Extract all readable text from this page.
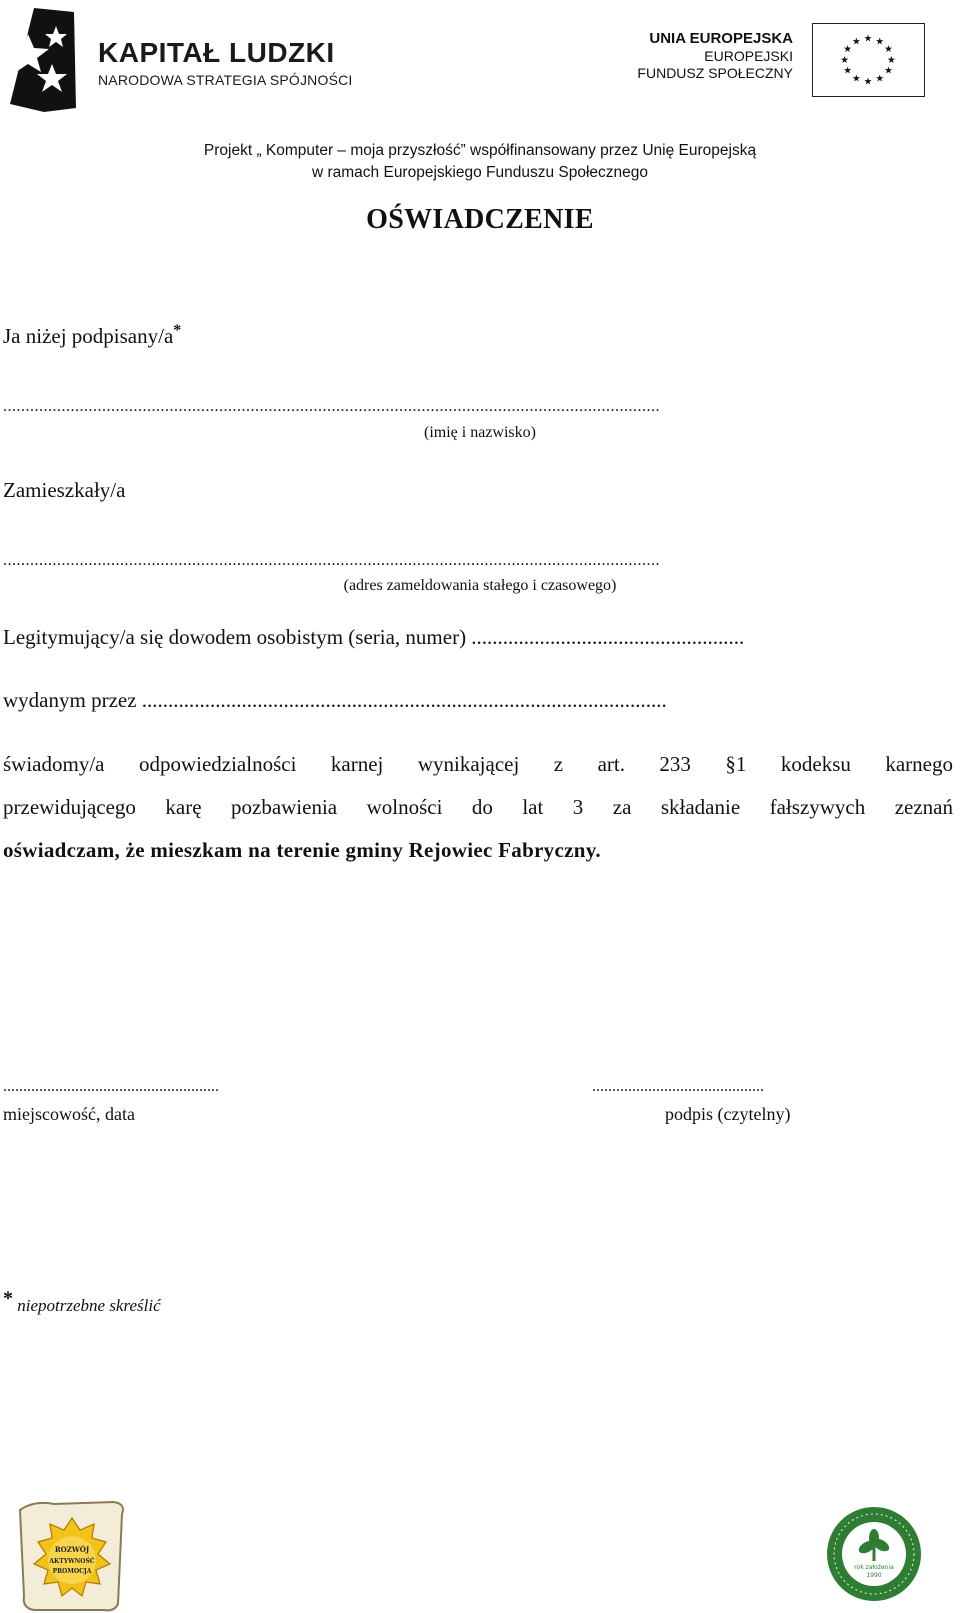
KAPITAŁ LUDZKI
NARODOWA STRATEGIA SPÓJNOŚCI
UNIA EUROPEJSKA
EUROPEJSKI
FUNDUSZ SPOŁECZNY
★ ★
★
★
★
★
★
★
★
★
★
★
Projekt „ Komputer – moja przyszłość” współfinansowany przez Unię Europejską
w ramach Europejskiego Funduszu Społecznego
OŚWIADCZENIE
Ja niżej podpisany/a*
..................................................................................................................................................
(imię i nazwisko)
Zamieszkały/a
..................................................................................................................................................
(adres zameldowania stałego i czasowego)
Legitymujący/a się dowodem osobistym (seria, numer) ....................................................
wydanym przez ....................................................................................................
świadomy/a odpowiedzialności karnej wynikającej z art. 233 §1 kodeksu karnego
przewidującego karę pozbawienia wolności do lat 3 za składanie fałszywych zeznań
oświadczam, że mieszkam na terenie gminy Rejowiec Fabryczny.
......................................................	...........................................
miejscowość, data	podpis (czytelny)
* niepotrzebne skreślić
ROZWÓJ
AKTYWNOŚĆ
PROMOCJA
rok założenia
1990
